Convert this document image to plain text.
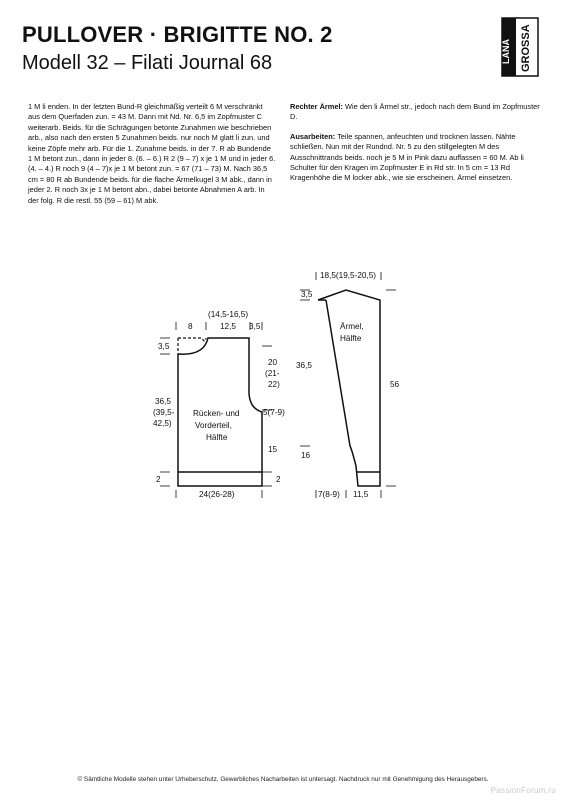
PULLOVER · BRIGITTE NO. 2
Modell 32 – Filati Journal 68	LANA GROSSA

1 M li enden. In der letzten Bund-R gleichmäßig verteilt 6 M verschränkt aus dem Querfaden zun. = 43 M. Dann mit Nd. Nr. 6,5 im Zopfmuster C weiterarb. Beids. für die Schrägungen betonte Zunahmen wie beschrieben arb., also nach den ersten 5 Zunahmen beids. nur noch M glatt li zun. und keine Zöpfe mehr arb. Für die 1. Zunahme beids. in der 7. R ab Bundende 1 M betont zun., dann in jeder 8. (6. – 6.) R 2 (9 – 7) x je 1 M und in jeder 6. (4. – 4.) R noch 9 (4 – 7)x je 1 M betont zun. = 67 (71 – 73) M. Nach 36,5 cm = 80 R ab Bundende beids. für die flache Ärmelkugel 3 M abk., dann in jeder 2. R noch 3x je 1 M betont abn., dabei betonte Abnahmen A arb. In der folg. R die restl. 55 (59 – 61) M abk.

Rechter Ärmel: Wie den li Ärmel str., jedoch nach dem Bund im Zopfmuster D.

Ausarbeiten: Teile spannen, anfeuchten und trocknen lassen. Nähte schließen. Nun mit der Rundnd. Nr. 5 zu den stillgelegten M des Ausschnittrands beids. noch je 5 M in Pink dazu auffassen = 60 M. Ab li Schulter für den Kragen im Zopfmuster E in Rd str. In 5 cm = 13 Rd Kragenhöhe die M locker abk., wie sie erscheinen. Ärmel einsetzen.

(14,5-16,5)
8	12,5 3,5
3,5
20
(21-
22)
36,5
(39,5-
42,5)
5(7-9)
Rücken- und
Vorderteil,
Hälfte
15
2	2
24(26-28)
18,5(19,5-20,5)
3,5
Ärmel,
Hälfte
36,5
56
16
7(8-9) 11,5
© Sämtliche Modelle stehen unter Urheberschutz. Gewerbliches Nacharbeiten ist untersagt. Nachdruck nur mit Genehmigung des Herausgebers.
PassionForum.ru
